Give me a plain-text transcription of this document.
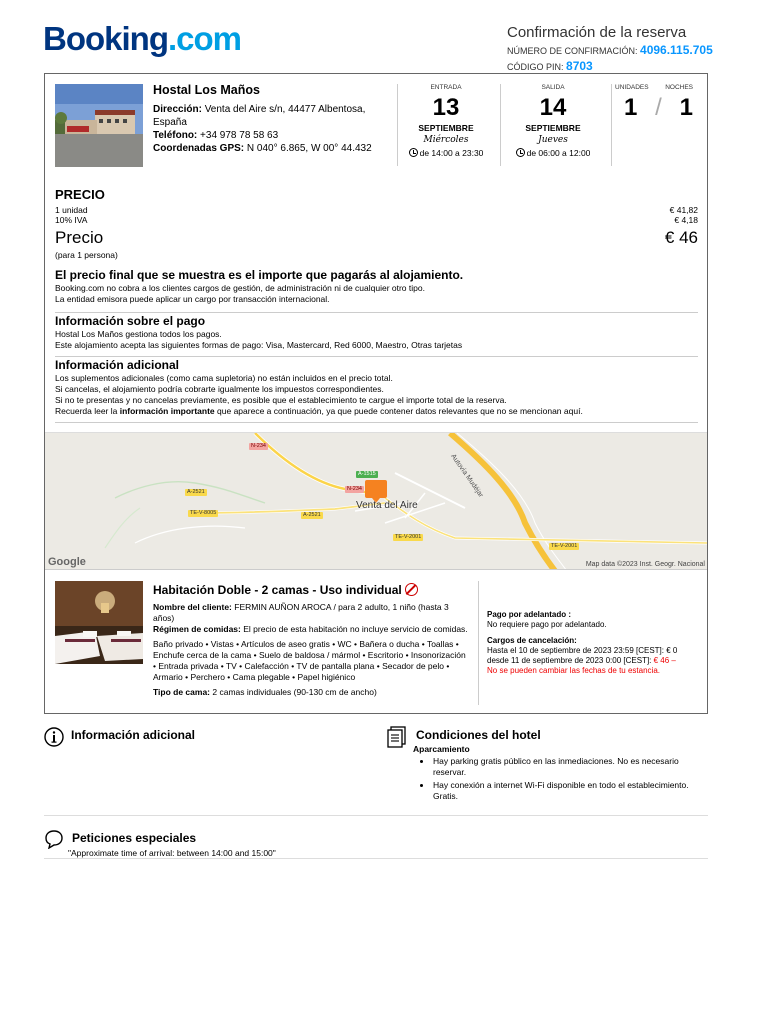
Booking.com	Confirmación de la reserva
NÚMERO DE CONFIRMACIÓN: 4096.115.705
CÓDIGO PIN: 8703
Hostal Los Maños
Dirección: Venta del Aire s/n, 44477 Albentosa, España
Teléfono: +34 978 78 58 63
Coordenadas GPS: N 040° 6.865, W 00° 44.432
ENTRADA
13
SEPTIEMBRE
Miércoles
de 14:00 a 23:30
SALIDA
14
SEPTIEMBRE
Jueves
de 06:00 a 12:00
UNIDADES	NOCHES
1 / 1
PRECIO
1 unidad	€ 41,82
10% IVA	€ 4,18
Precio	€ 46
(para 1 persona)
El precio final que se muestra es el importe que pagarás al alojamiento.
Booking.com no cobra a los clientes cargos de gestión, de administración ni de cualquier otro tipo.
La entidad emisora puede aplicar un cargo por transacción internacional.
Información sobre el pago
Hostal Los Maños gestiona todos los pagos.
Este alojamiento acepta las siguientes formas de pago: Visa, Mastercard, Red 6000, Maestro, Otras tarjetas
Información adicional
Los suplementos adicionales (como cama supletoria) no están incluidos en el precio total.
Si cancelas, el alojamiento podría cobrarte igualmente los impuestos correspondientes.
Si no te presentas y no cancelas previamente, es posible que el establecimiento te cargue el importe total de la reserva.
Recuerda leer la información importante que aparece a continuación, ya que puede contener datos relevantes que no se mencionan aquí.
N-234
A-1515
N-234
A-2521
A-2521
TE-V-8005
TE-V-2001
TE-V-2001
Autovía Mudéjar
Venta del Aire
Google	Map data ©2023 Inst. Geogr. Nacional
Habitación Doble - 2 camas - Uso individual

Nombre del cliente: FERMIN AUÑON AROCA / para 2 adulto, 1 niño (hasta 3 años)

Régimen de comidas: El precio de esta habitación no incluye servicio de comidas.

Baño privado • Vistas • Artículos de aseo gratis • WC • Bañera o ducha • Toallas • Enchufe cerca de la cama • Suelo de baldosa / mármol • Escritorio • Insonorización • Entrada privada • TV • Calefacción • TV de pantalla plana • Secador de pelo • Armario • Perchero • Cama plegable • Papel higiénico

Tipo de cama: 2 camas individuales (90-130 cm de ancho)

Pago por adelantado :
No requiere pago por adelantado.

Cargos de cancelación:
Hasta el 10 de septiembre de 2023 23:59 [CEST]: € 0
desde 11 de septiembre de 2023 0:00 [CEST]: € 46 –
No se pueden cambiar las fechas de tu estancia.

Información adicional	Condiciones del hotel
Aparcamiento
• Hay parking gratis público en las inmediaciones. No es necesario reservar.
• Hay conexión a internet Wi-Fi disponible en todo el establecimiento. Gratis.
Peticiones especiales
"Approximate time of arrival: between 14:00 and 15:00"
